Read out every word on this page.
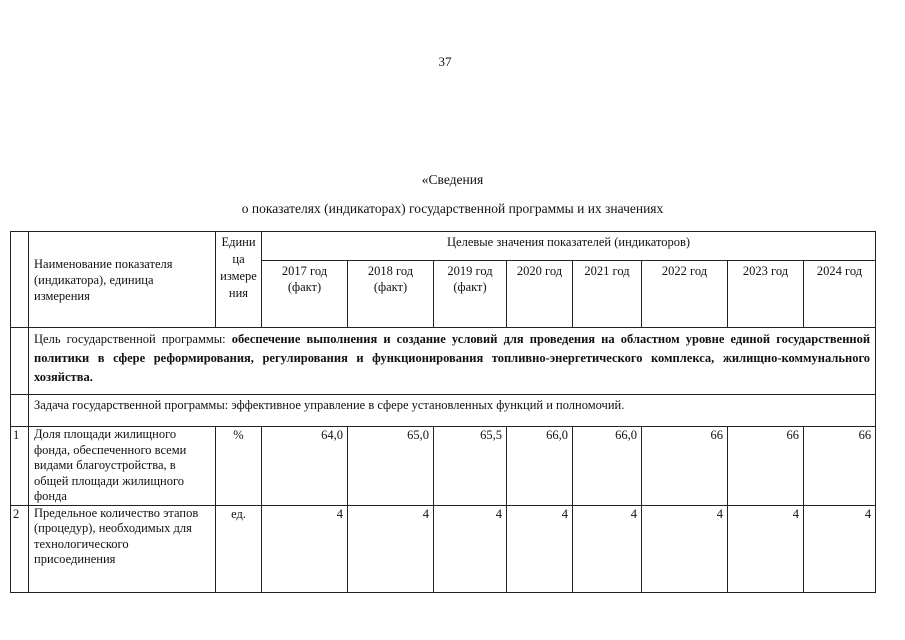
37
«Сведения
о показателях (индикаторах) государственной программы и их значениях
	Наименование показателя (индикатора), единица измерения	Едини ца измере ния	Целевые значения показателей (индикаторов)							
			2017 год (факт)	2018 год (факт)	2019 год (факт)	2020 год	2021 год	2022 год	2023 год	2024 год
	Цель государственной программы: обеспечение выполнения и создание условий для проведения на областном уровне единой государственной политики в сфере реформирования, регулирования и функционирования топливно-энергетического комплекса, жилищно-коммунального хозяйства.									
	Задача государственной программы: эффективное управление в сфере установленных функций и полномочий.									
1	Доля площади жилищного фонда, обеспеченного всеми видами благоустройства, в общей площади жилищного фонда	%	64,0	65,0	65,5	66,0	66,0	66	66	66
2	Предельное количество этапов (процедур), необходимых для технологического присоединения	ед.	4	4	4	4	4	4	4	4
